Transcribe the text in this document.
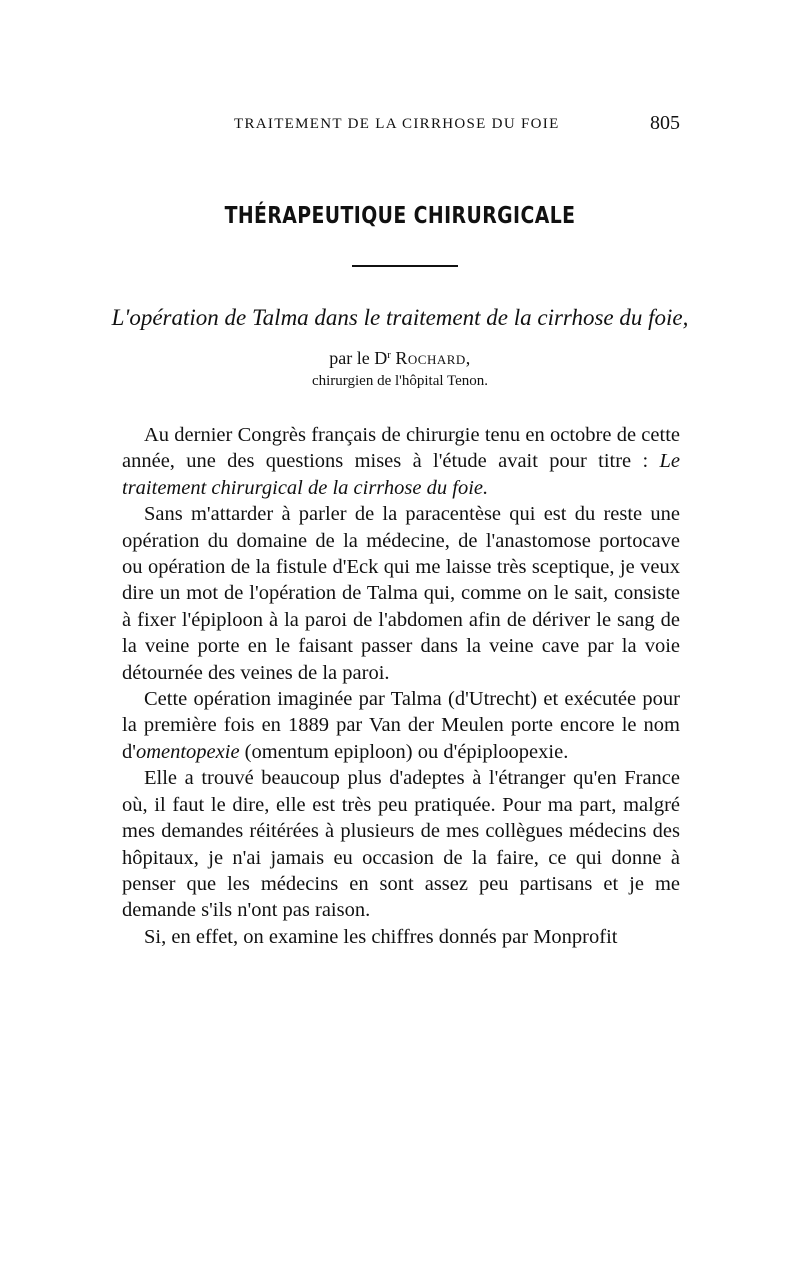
TRAITEMENT DE LA CIRRHOSE DU FOIE	805
THÉRAPEUTIQUE CHIRURGICALE
L'opération de Talma dans le traitement de la cirrhose du foie,
par le $D^r$ Rochard,
chirurgien de l'hôpital Tenon.

Au dernier Congrès français de chirurgie tenu en octobre de cette année, une des questions mises à l'étude avait pour titre : Le traitement chirurgical de la cirrhose du foie.

Sans m'attarder à parler de la paracentèse qui est du reste une opération du domaine de la médecine, de l'anastomose portocave ou opération de la fistule d'Eck qui me laisse très sceptique, je veux dire un mot de l'opération de Talma qui, comme on le sait, consiste à fixer l'épiploon à la paroi de l'abdomen afin de dériver le sang de la veine porte en le faisant passer dans la veine cave par la voie détournée des veines de la paroi.

Cette opération imaginée par Talma (d'Utrecht) et exécutée pour la première fois en 1889 par Van der Meulen porte encore le nom d'omentopexie (omentum epiploon) ou d'épiploopexie.

Elle a trouvé beaucoup plus d'adeptes à l'étranger qu'en France où, il faut le dire, elle est très peu pratiquée. Pour ma part, malgré mes demandes réitérées à plusieurs de mes collègues médecins des hôpitaux, je n'ai jamais eu occasion de la faire, ce qui donne à penser que les médecins en sont assez peu partisans et je me demande s'ils n'ont pas raison.

Si, en effet, on examine les chiffres donnés par Monprofit
